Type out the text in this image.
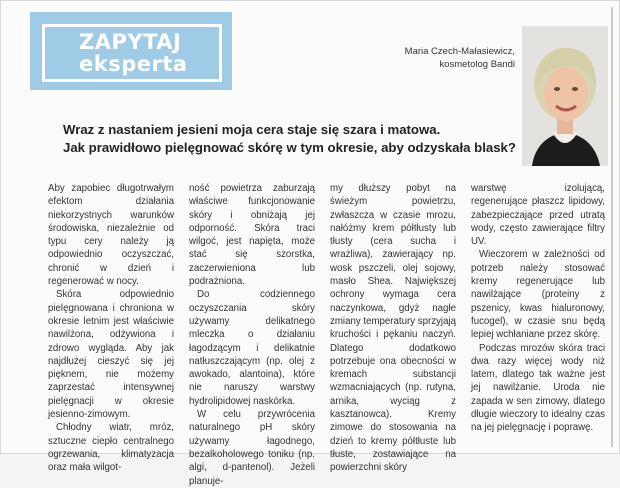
ZAPYTAJ
eksperta
Maria Czech-Małasiewicz,
kosmetolog Bandi
Wraz z nastaniem jesieni moja cera staje się szara i matowa.
Jak prawidłowo pielęgnować skórę w tym okresie, aby odzyskała blask?

Aby zapobiec długotrwałym efektom działania niekorzystnych warunków środowiska, niezależnie od typu cery należy ją odpowiednio oczyszczać, chronić w dzień i regenerować w nocy.

Skóra odpowiednio pielęgnowana i chroniona w okresie letnim jest właściwie nawilżona, odżywiona i zdrowo wygląda. Aby jak najdłużej cieszyć się jej pięknem, nie możemy zaprzestać intensywnej pielęgnacji w okresie jesienno-zimowym.

Chłodny wiatr, mróz, sztuczne ciepło centralnego ogrzewania, klimatyzacja oraz mała wilgot-

ność powietrza zaburzają właściwe funkcjonowanie skóry i obniżają jej odporność. Skóra traci wilgoć, jest napięta, może stać się szorstka, zaczerwieniona lub podrażniona.

Do codziennego oczyszczania skóry używamy delikatnego mleczka o działaniu łagodzącym i delikatnie natłuszczającym (np. olej z awokado, alantoina), które nie naruszy warstwy hydrolipidowej naskórka.

W celu przywrócenia naturalnego pH skóry używamy łagodnego, bezalkoholowego toniku (np. algi, d-pantenol). Jeżeli planuje-

my dłuższy pobyt na świeżym powietrzu, zwłaszcza w czasie mrozu, nałóżmy krem półtłusty lub tłusty (cera sucha i wrażliwa), zawierający np. wosk pszczeli, olej sojowy, masło Shea. Największej ochrony wymaga cera naczynkowa, gdyż nagłe zmiany temperatury sprzyjają kruchości i pękaniu naczyń. Dlatego dodatkowo potrzebuje ona obecności w kremach substancji wzmacniających (np. rutyna, arnika, wyciąg z kasztanowca). Kremy zimowe do stosowania na dzień to kremy półtłuste lub tłuste, zostawiające na powierzchni skóry

warstwę izolującą, regenerujące płaszcz lipidowy, zabezpieczające przed utratą wody, często zawierające filtry UV.

Wieczorem w zależności od potrzeb należy stosować kremy regenerujące lub nawilżające (proteiny z pszenicy, kwas hialuronowy, fucogel), w czasie snu będą lepiej wchłaniane przez skórę.

Podczas mrozów skóra traci dwa razy więcej wody niż latem, dlatego tak ważne jest jej nawilżanie. Uroda nie zapada w sen zimowy, dlatego długie wieczory to idealny czas na jej pielęgnację i poprawę.
